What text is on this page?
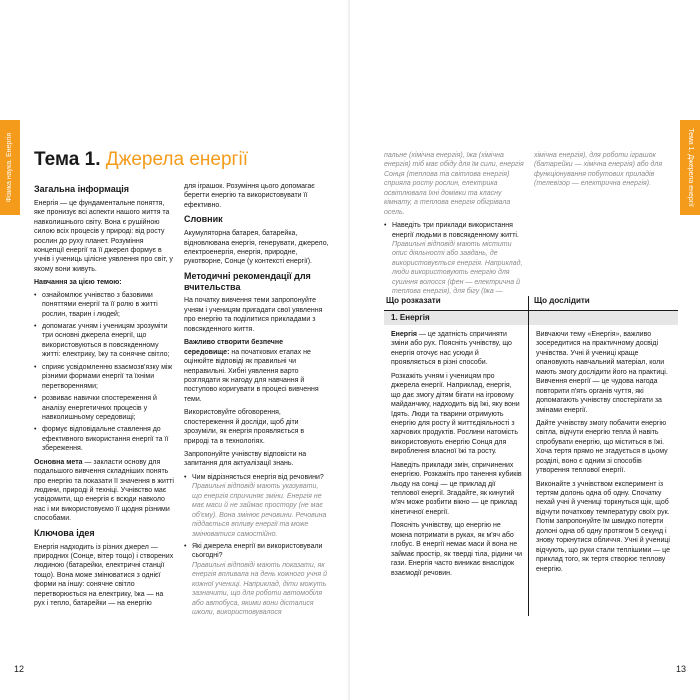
Фізика наука. Енергія Тема 1. Джерела енергії
Загальна інформація

Енергія — це фундаментальне поняття, яке пронизує всі аспекти нашого життя та навколишнього світу. Вона є рушійною силою всіх процесів у природі: від росту рослин до руху планет. Розуміння концепції енергії та її джерел формує в учнів і учениць цілісне уявлення про світ, у якому вони живуть.

Навчання за цією темою:
• ознайомлює учнівство з базовими поняттями енергії та її ролю в житті рослин, тварин і людей;
• допомагає учням і ученицям зрозуміти три основні джерела енергії, що використовуються в повсякденному житті: електрику, їжу та сонячне світло;
• сприяє усвідомленню взаємозв'язку між різними формами енергії та їхніми перетвореннями;
• розвиває навички спостереження й аналізу енергетичних процесів у навколишньому середовищі;
• формує відповідальне ставлення до ефективного використання енергії та її збереження.

Основна мета — закласти основу для подальшого вивчення складніших понять про енергію та показати її значення в житті людини, природі й техніці. Учнівство має усвідомити, що енергія є всюди навколо нас і ми використовуємо її щодня різними способами.

Ключова ідея

Енергія надходить із різних джерел — природних (Сонце, вітер тощо) і створених людиною (батарейки, електричні станції тощо). Вона може змінюватися з однієї форми на іншу: сонячне світло перетворюється на електрику, їжа — на рух і тепло, батарейки — на енергію

для іграшок. Розуміння цього допомагає берегти енергію та використовувати її ефективно.

Словник

Акумуляторна батарея, батарейка, відновлювана енергія, генерувати, джерело, електроенергія, енергія, природне, рукотворне, Сонце (у контексті енергії).

Методичні рекомендації для вчительства

На початку вивчення теми запропонуйте учням і ученицям пригадати свої уявлення про енергію та поділитися прикладами з повсякденного життя.

Важливо створити безпечне середовище: на початкових етапах не оцінюйте відповіді як правильні чи неправильні. Хибні уявлення варто розглядати як нагоду для навчання й поступово коригувати в процесі вивчення теми.

Використовуйте обговорення, спостереження й досліди, щоб діти зрозуміли, як енергія проявляється в природі та в технологіях.

Запропонуйте учнівству відповісти на запитання для актуалізації знань.

• Чим відрізняється енергія від речовини?
Правильні відповіді мають указувати, що енергія спричиняє зміни. Енергія не має маси й не займає простору (не має об'єму). Вона змінює речовини. Речовина піддається впливу енергії та може змінюватися самостійно.
• Які джерела енергії ви використовували сьогодні?
Правильні відповіді мають показати, як енергія впливала на день кожного учня й кожної учениці. Наприклад, діти можуть зазначити, що для роботи автомобіля або автобуса, якими вони дісталися школи, використовувалося
12
Тема 1. Джерела енергії
13

пальне (хімічна енергія), їжа (хімічна енергія) тіб має обіду для їм сили, енергія Сонця (теплова та світлова енергія) сприяла росту рослин, електрика освітлювала їхні домівки та класну кімнату, а теплова енергія обігрівала осель.

• Наведіть три приклади використання енергії людьми в повсякденному житті.
Правильні відповіді мають містити опис діяльності або завдань, де використовується енергія. Наприклад, люди використовують енергію для сушіння волосся (фен — електрична й теплова енергія), для бігу (їжа —

хімічна енергія), для роботи іграшок (батарейки — хімічна енергія) або для функціонування побутових приладів (телевізор — електрична енергія).

Що розказати	Що дослідити
1. Енергія

Енергія — це здатність спричиняти зміни або рух. Поясніть учнівству, що енергія оточує нас усюди й проявляється в різні способи.

Розкажіть учням і ученицям про джерела енергії. Наприклад, енергія, що дає змогу дітям бігати на ігровому майданчику, надходить від їжі, яку вони їдять. Люди та тварини отримують енергію для росту й життєдіяльності з харчових продуктів. Рослини натомість використовують енергію Сонця для вироблення власної їжі та росту.

Наведіть приклади змін, спричинених енергією. Розкажіть про танення кубиків льоду на сонці — це приклад дії теплової енергії. Згадайте, як кинутий м'яч може розбити вікно — це приклад кінетичної енергії.

Поясніть учнівству, що енергію не можна потримати в руках, як м'яч або глобус. В енергії немає маси й вона не займає простір, як тверді тіла, рідини чи гази. Енергія часто виникає внаслідок взаємодії речовин.

Вивчаючи тему «Енергія», важливо зосередитися на практичному досвіді учнівства. Учні й учениці краще опановують навчальний матеріал, коли мають змогу дослідити його на практиці. Вивчення енергії — це чудова нагода повторити п'ять органів чуття, які допомагають учнівству спостерігати за змінами енергії.

Дайте учнівству змогу побачити енергію світла, відчути енергію тепла й навіть спробувати енергію, що міститься в їжі. Хоча тертя прямо не згадується в цьому розділі, воно є одним зі способів утворення теплової енергії.

Виконайте з учнівством експеримент із тертям долонь одна об одну. Спочатку нехай учні й учениці торкнуться щік, щоб відчути початкову температуру своїх рук. Потім запропонуйте їм швидко потерти долоні одна об одну протягом 5 секунд і знову торкнутися обличчя. Учні й учениці відчують, що руки стали теплішими — це приклад того, як тертя створює теплову енергію.
